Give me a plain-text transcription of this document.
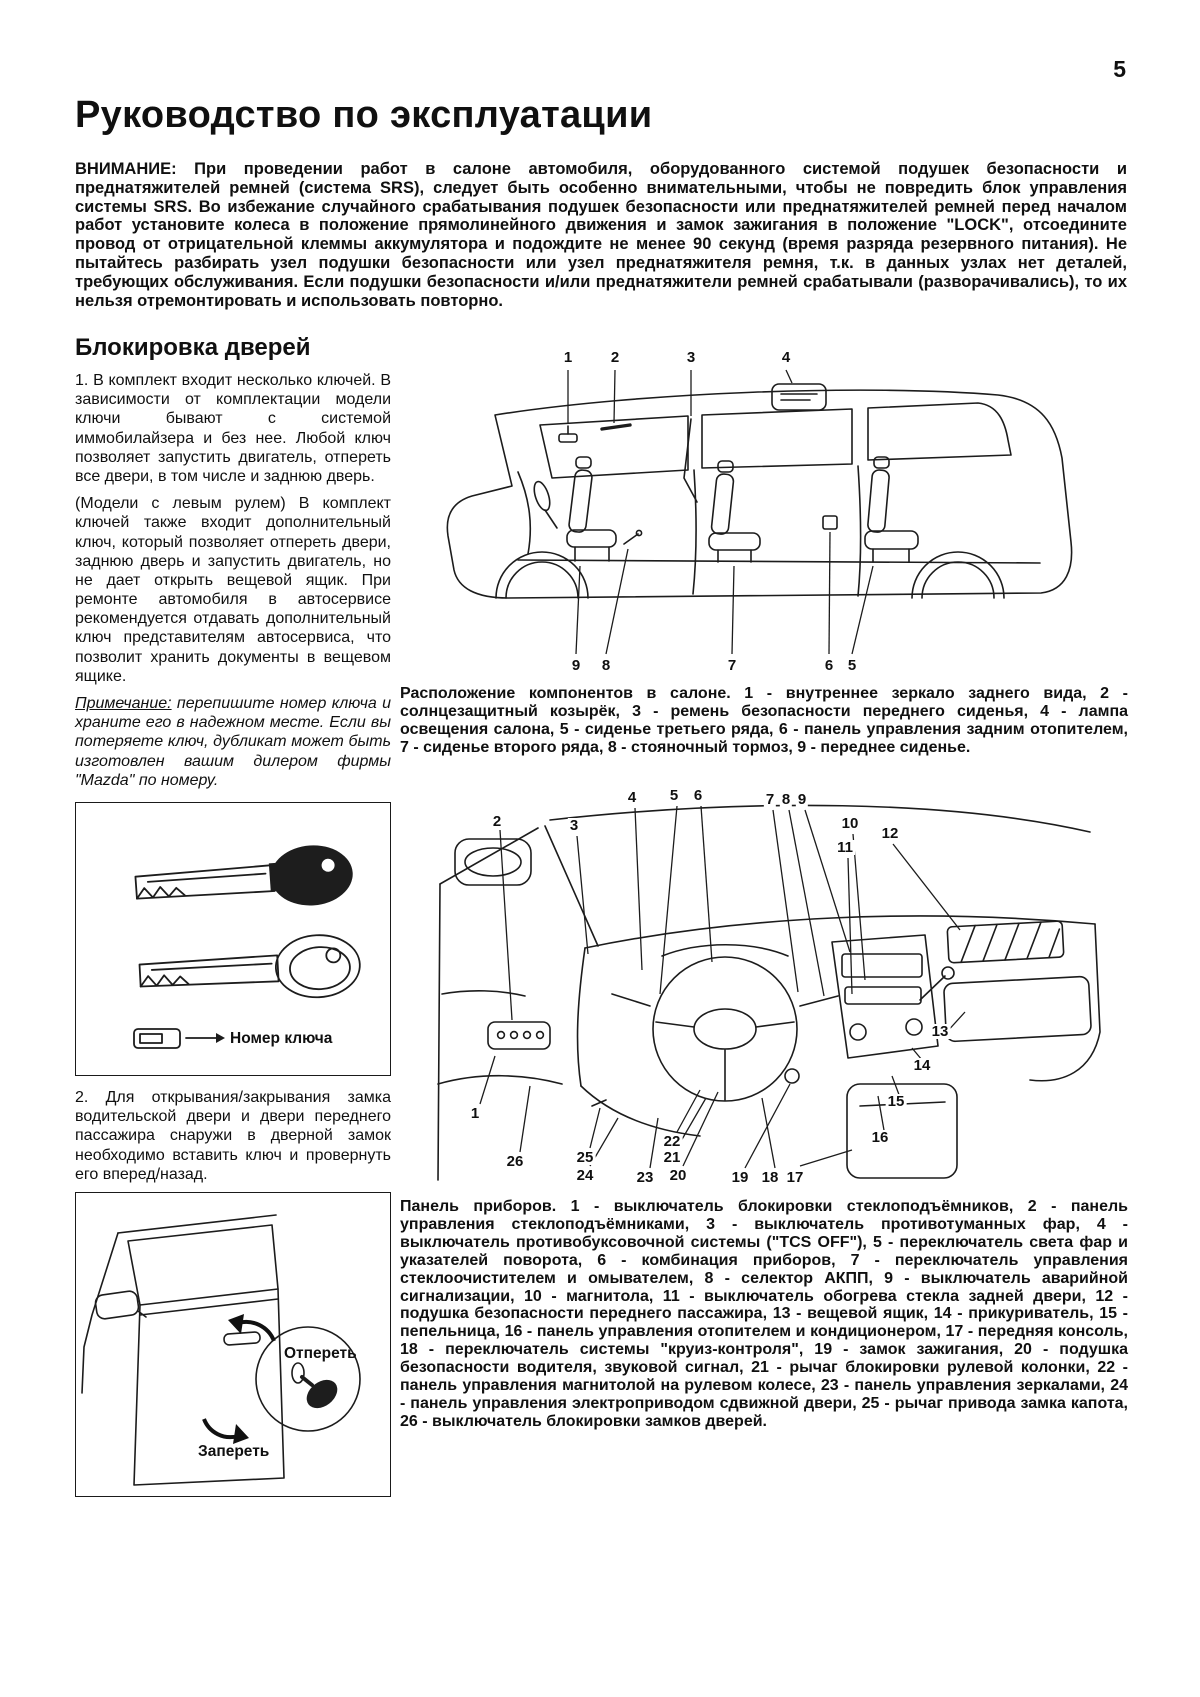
5
Руководство по эксплуатации

ВНИМАНИЕ: При проведении работ в салоне автомобиля, оборудованного системой подушек безопасности и преднатяжителей ремней (система SRS), следует быть особенно внимательными, чтобы не повредить блок управления системы SRS. Во избежание случайного срабатывания подушек безопасности или преднатяжителей ремней перед началом работ установите колеса в положение прямолинейного движения и замок зажигания в положение "LOCK", отсоедините провод от отрицательной клеммы аккумулятора и подождите не менее 90 секунд (время разряда резервного питания). Не пытайтесь разбирать узел подушки безопасности или узел преднатяжителя ремня, т.к. в данных узлах нет деталей, требующих обслуживания. Если подушки безопасности и/или преднатяжители ремней срабатывали (разворачивались), то их нельзя отремонтировать и использовать повторно.

Блокировка дверей

1. В комплект входит несколько ключей. В зависимости от комплектации модели ключи бывают с системой иммобилайзера и без нее. Любой ключ позволяет запустить двигатель, отпереть все двери, в том числе и заднюю дверь.

(Модели с левым рулем) В комплект ключей также входит дополнительный ключ, который позволяет отпереть двери, заднюю дверь и запустить двигатель, но не дает открыть вещевой ящик. При ремонте автомобиля в автосервисе рекомендуется отдавать дополнительный ключ представителям автосервиса, что позволит хранить документы в вещевом ящике.

Примечание: перепишите номер ключа и храните его в надежном месте. Если вы потеряете ключ, дубликат может быть изготовлен вашим дилером фирмы "Mazda" по номеру.

Номер ключа

2. Для открывания/закрывания замка водительской двери и двери переднего пассажира снаружи в дверной замок необходимо вставить ключ и провернуть его вперед/назад.

Отпереть
Запереть
1	2	3	4
9 8	7	6 5

Расположение компонентов в салоне. 1 - внутреннее зеркало заднего вида, 2 - солнцезащитный козырёк, 3 - ремень безопасности переднего сиденья, 4 - лампа освещения салона, 5 - сиденье третьего ряда, 6 - панель управления задним отопителем, 7 - сиденье второго ряда, 8 - стояночный тормоз, 9 - переднее сиденье.

2	3
4 5 6	7 8 9
10
11
12
1
13
14
15
16
26	25
24	23
22
21
20	19 18 17

Панель приборов. 1 - выключатель блокировки стеклоподъёмников, 2 - панель управления стеклоподъёмниками, 3 - выключатель противотуманных фар, 4 - выключатель противобуксовочной системы ("TCS OFF"), 5 - переключатель света фар и указателей поворота, 6 - комбинация приборов, 7 - переключатель управления стеклоочистителем и омывателем, 8 - селектор АКПП, 9 - выключатель аварийной сигнализации, 10 - магнитола, 11 - выключатель обогрева стекла задней двери, 12 - подушка безопасности переднего пассажира, 13 - вещевой ящик, 14 - прикуриватель, 15 - пепельница, 16 - панель управления отопителем и кондиционером, 17 - передняя консоль, 18 - переключатель системы "круиз-контроля", 19 - замок зажигания, 20 - подушка безопасности водителя, звуковой сигнал, 21 - рычаг блокировки рулевой колонки, 22 - панель управления магнитолой на рулевом колесе, 23 - панель управления зеркалами, 24 - панель управления электроприводом сдвижной двери, 25 - рычаг привода замка капота, 26 - выключатель блокировки замков дверей.
